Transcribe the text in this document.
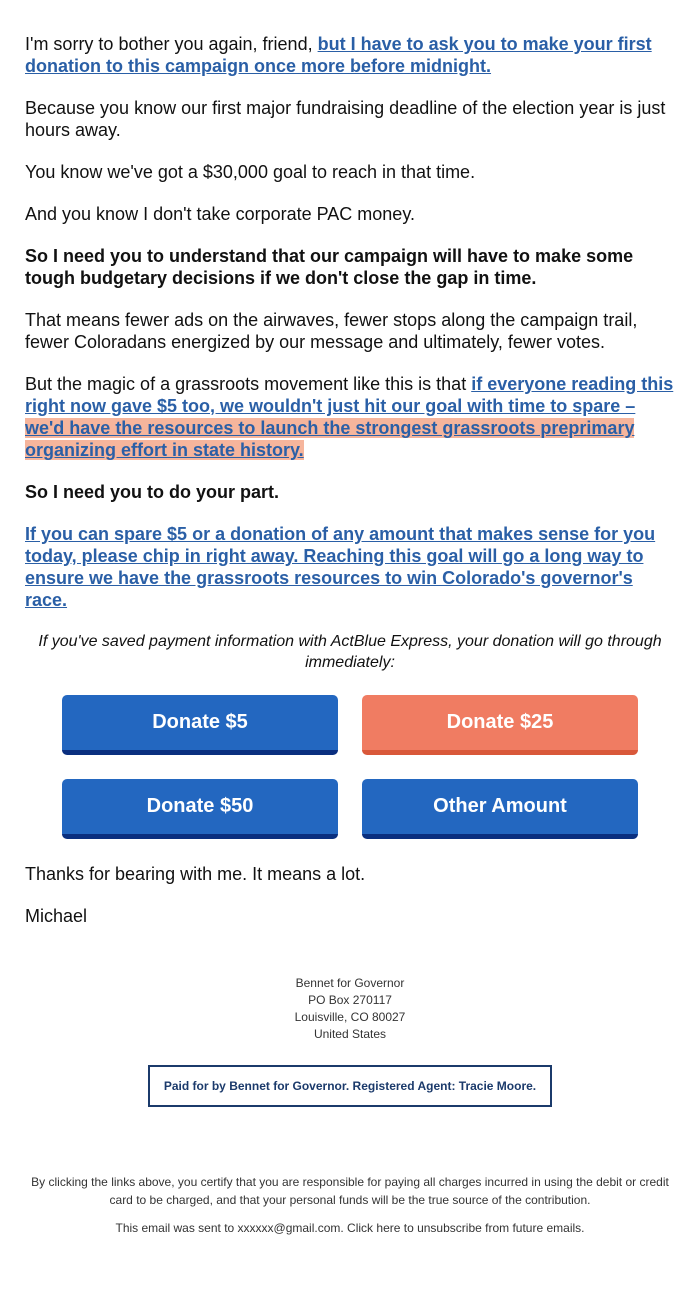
I'm sorry to bother you again, friend, but I have to ask you to make your first donation to this campaign once more before midnight.

Because you know our first major fundraising deadline of the election year is just hours away.

You know we've got a $30,000 goal to reach in that time.

And you know I don't take corporate PAC money.

So I need you to understand that our campaign will have to make some tough budgetary decisions if we don't close the gap in time.

That means fewer ads on the airwaves, fewer stops along the campaign trail, fewer Coloradans energized by our message and ultimately, fewer votes.

But the magic of a grassroots movement like this is that if everyone reading this right now gave $5 too, we wouldn't just hit our goal with time to spare – we'd have the resources to launch the strongest grassroots preprimary organizing effort in state history.

So I need you to do your part.

If you can spare $5 or a donation of any amount that makes sense for you today, please chip in right away. Reaching this goal will go a long way to ensure we have the grassroots resources to win Colorado's governor's race.

If you've saved payment information with ActBlue Express, your donation will go through immediately:

Donate $5	Donate $25
Donate $50	Other Amount

Thanks for bearing with me. It means a lot.

Michael

Bennet for Governor
PO Box 270117
Louisville, CO 80027
United States
Paid for by Bennet for Governor. Registered Agent: Tracie Moore.
By clicking the links above, you certify that you are responsible for paying all charges incurred in using the debit or credit card to be charged, and that your personal funds will be the true source of the contribution.
This email was sent to xxxxxx@gmail.com. Click here to unsubscribe from future emails.
